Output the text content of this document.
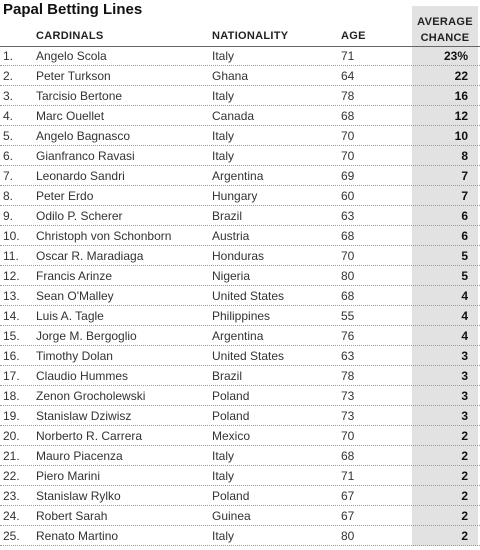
Papal Betting Lines
CARDINALS	NATIONALITY	AGE
AVERAGE
CHANCE
1. Angelo Scola	Italy	71	23%
2. Peter Turkson	Ghana	64	22
3. Tarcisio Bertone	Italy	78	16
4. Marc Ouellet	Canada	68	12
5. Angelo Bagnasco	Italy	70	10
6. Gianfranco Ravasi	Italy	70	8
7. Leonardo Sandri	Argentina	69	7
8. Peter Erdo	Hungary	60	7
9. Odilo P. Scherer	Brazil	63	6
10. Christoph von Schonborn	Austria	68	6
11. Oscar R. Maradiaga	Honduras	70	5
12. Francis Arinze	Nigeria	80	5
13. Sean O'Malley	United States	68	4
14. Luis A. Tagle	Philippines	55	4
15. Jorge M. Bergoglio	Argentina	76	4
16. Timothy Dolan	United States	63	3
17. Claudio Hummes	Brazil	78	3
18. Zenon Grocholewski	Poland	73	3
19. Stanislaw Dziwisz	Poland	73	3
20. Norberto R. Carrera	Mexico	70	2
21. Mauro Piacenza	Italy	68	2
22. Piero Marini	Italy	71	2
23. Stanislaw Rylko	Poland	67	2
24. Robert Sarah	Guinea	67	2
25. Renato Martino	Italy	80	2
